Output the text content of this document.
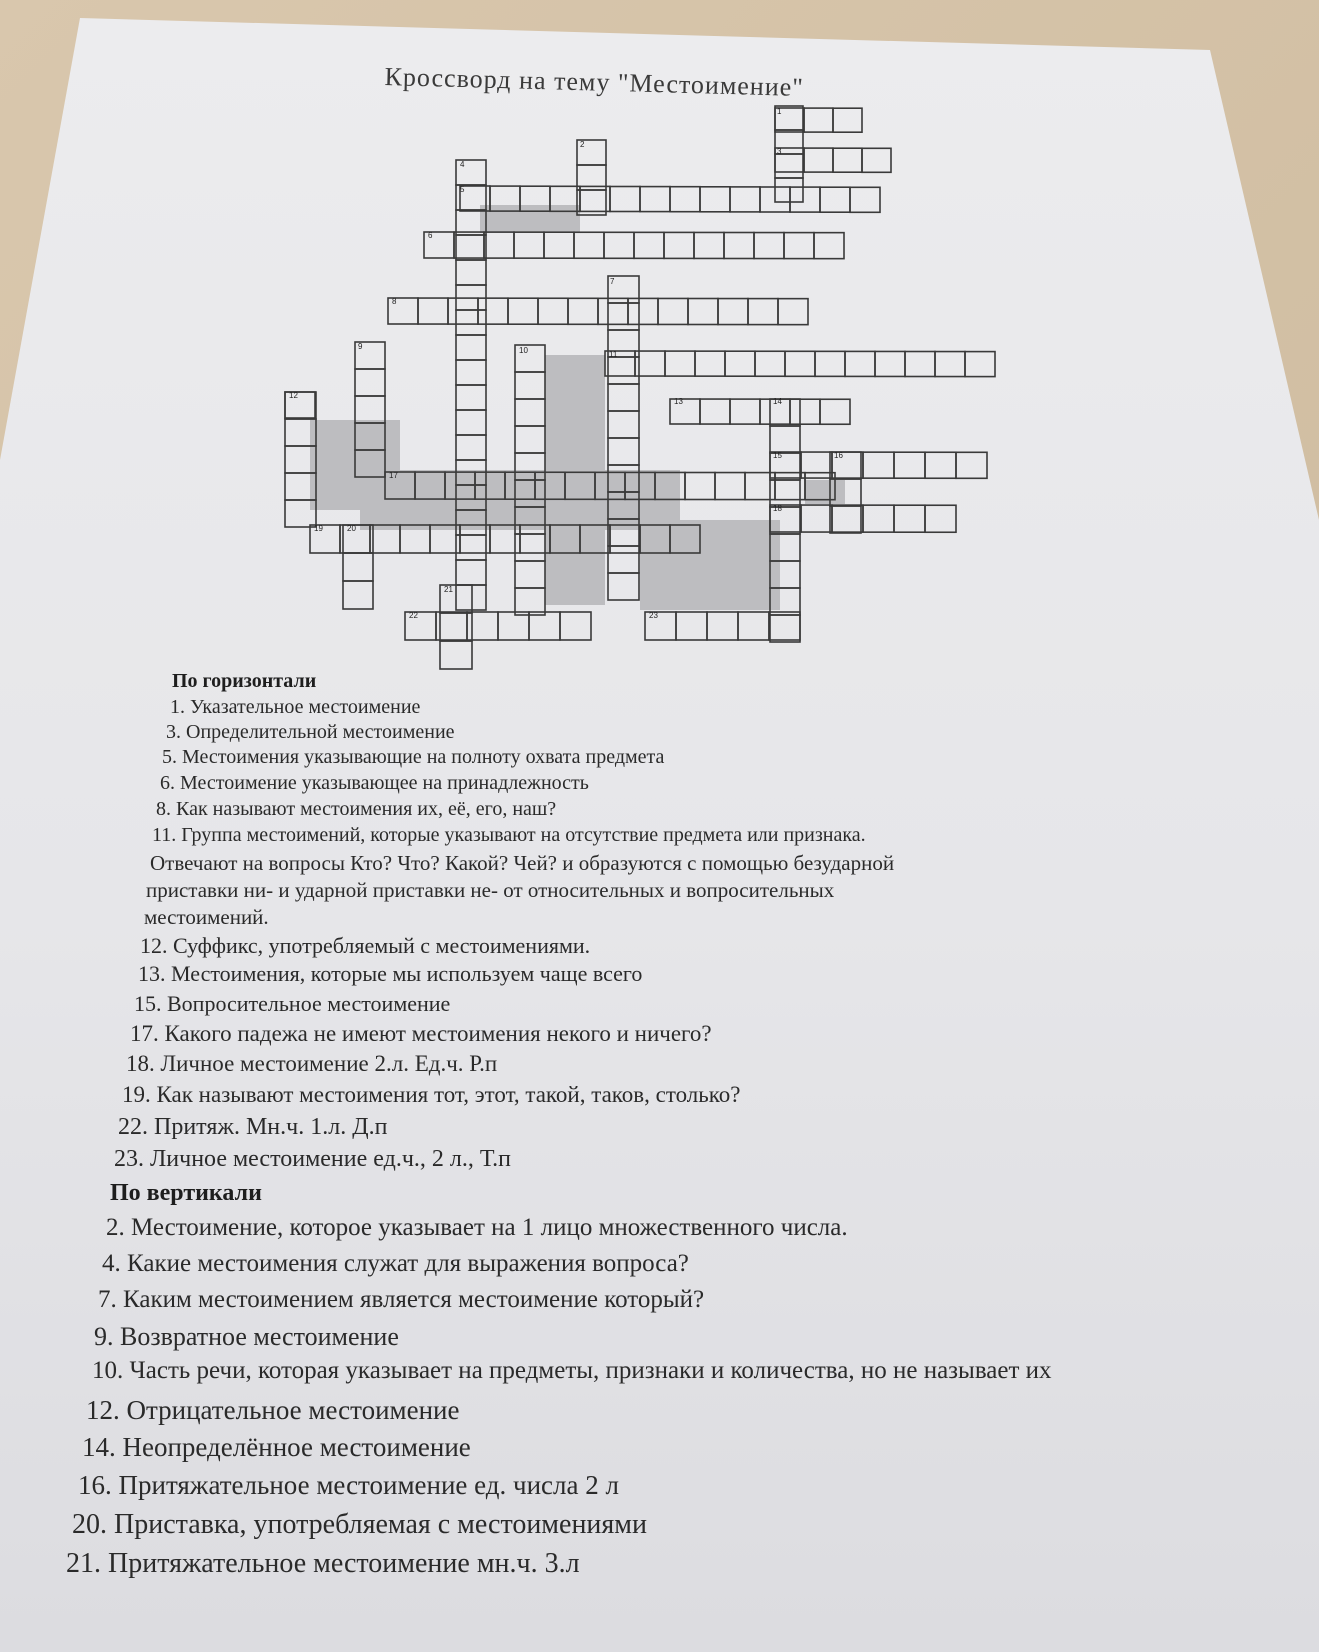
Кроссворд на тему "Местоимение"
1
2
3
4
5
6
7
8
9	10	11
12
13	14
15	16
17
18
19	20
21
22	23
По горизонтали
1. Указательное местоимение
3. Определительной местоимение
5. Местоимения указывающие на полноту охвата предмета
6. Местоимение указывающее на принадлежность
8. Как называют местоимения их, её, его, наш?
11. Группа местоимений, которые указывают на отсутствие предмета или признака.
Отвечают на вопросы Кто? Что? Какой? Чей? и образуются с помощью безударной
приставки ни- и ударной приставки не- от относительных и вопросительных
местоимений.
12. Суффикс, употребляемый с местоимениями.
13. Местоимения, которые мы используем чаще всего
15. Вопросительное местоимение
17. Какого падежа не имеют местоимения некого и ничего?
18. Личное местоимение 2.л. Ед.ч. Р.п
19. Как называют местоимения тот, этот, такой, таков, столько?
22. Притяж. Мн.ч. 1.л. Д.п
23. Личное местоимение ед.ч., 2 л., Т.п
По вертикали
2. Местоимение, которое указывает на 1 лицо множественного числа.
4. Какие местоимения служат для выражения вопроса?
7. Каким местоимением является местоимение который?
9. Возвратное местоимение
10. Часть речи, которая указывает на предметы, признаки и количества, но не называет их
12. Отрицательное местоимение
14. Неопределённое местоимение
16. Притяжательное местоимение ед. числа 2 л
20. Приставка, употребляемая с местоимениями
21. Притяжательное местоимение мн.ч. 3.л
